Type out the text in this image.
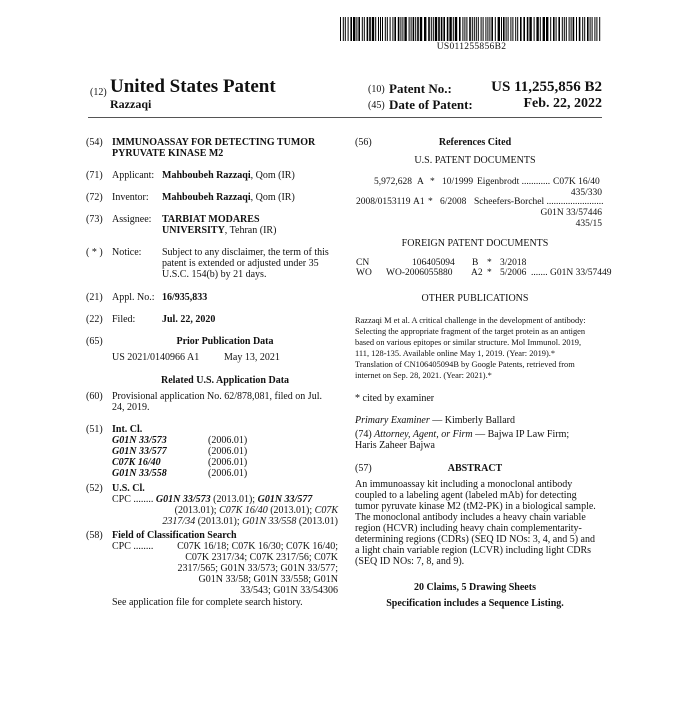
US011255856B2
(12) United States Patent
Razzaqi
(10) Patent No.:	US 11,255,856 B2
(45) Date of Patent:	Feb. 22, 2022
(54) IMMUNOASSAY FOR DETECTING TUMOR
PYRUVATE KINASE M2
(71) Applicant: Mahboubeh Razzaqi, Qom (IR)
(72) Inventor: Mahboubeh Razzaqi, Qom (IR)
(73) Assignee: TARBIAT MODARES
UNIVERSITY, Tehran (IR)
( * ) Notice: Subject to any disclaimer, the term of this
patent is extended or adjusted under 35
U.S.C. 154(b) by 21 days.
(21) Appl. No.: 16/935,833
(22) Filed:	Jul. 22, 2020
(65)	Prior Publication Data
US 2021/0140966 A1 May 13, 2021
Related U.S. Application Data
(60) Provisional application No. 62/878,081, filed on Jul.
24, 2019.
(51) Int. Cl.
G01N 33/573	(2006.01)
G01N 33/577	(2006.01)
C07K 16/40	(2006.01)
G01N 33/558	(2006.01)
(52) U.S. Cl.
CPC ........ G01N 33/573 (2013.01); G01N 33/577
(2013.01); C07K 16/40 (2013.01); C07K
2317/34 (2013.01); G01N 33/558 (2013.01)
(58) Field of Classification Search
CPC ........	C07K 16/18; C07K 16/30; C07K 16/40;
C07K 2317/34; C07K 2317/56; C07K
2317/565; G01N 33/573; G01N 33/577;
G01N 33/58; G01N 33/558; G01N
33/543; G01N 33/54306
See application file for complete search history.
(56)	References Cited
U.S. PATENT DOCUMENTS
5,972,628 A * 10/1999 Eigenbrodt ............ C07K 16/40
435/330
2008/0153119 A1 * 6/2008 Scheefers-Borchel ........................
G01N 33/57446
435/15
FOREIGN PATENT DOCUMENTS
CN	106405094 B * 3/2018
WO WO-2006055880 A2 * 5/2006 ....... G01N 33/57449
OTHER PUBLICATIONS
Razzaqi M et al. A critical challenge in the development of antibody:
Selecting the appropriate fragment of the target protein as an antigen
based on various epitopes or similar structure. Mol Immunol. 2019,
111, 128-135. Available online May 1, 2019. (Year: 2019).*
Translation of CN106405094B by Google Patents, retrieved from
internet on Sep. 28, 2021. (Year: 2021).*
* cited by examiner
Primary Examiner — Kimberly Ballard
(74) Attorney, Agent, or Firm — Bajwa IP Law Firm;
Haris Zaheer Bajwa
(57)	ABSTRACT
An immunoassay kit including a monoclonal antibody
coupled to a labeling agent (labeled mAb) for detecting
tumor pyruvate kinase M2 (tM2-PK) in a biological sample.
The monoclonal antibody includes a heavy chain variable
region (HCVR) including heavy chain complementarity-
determining regions (CDRs) (SEQ ID NOs: 3, 4, and 5) and
a light chain variable region (LCVR) including light CDRs
(SEQ ID NOs: 7, 8, and 9).
20 Claims, 5 Drawing Sheets
Specification includes a Sequence Listing.
